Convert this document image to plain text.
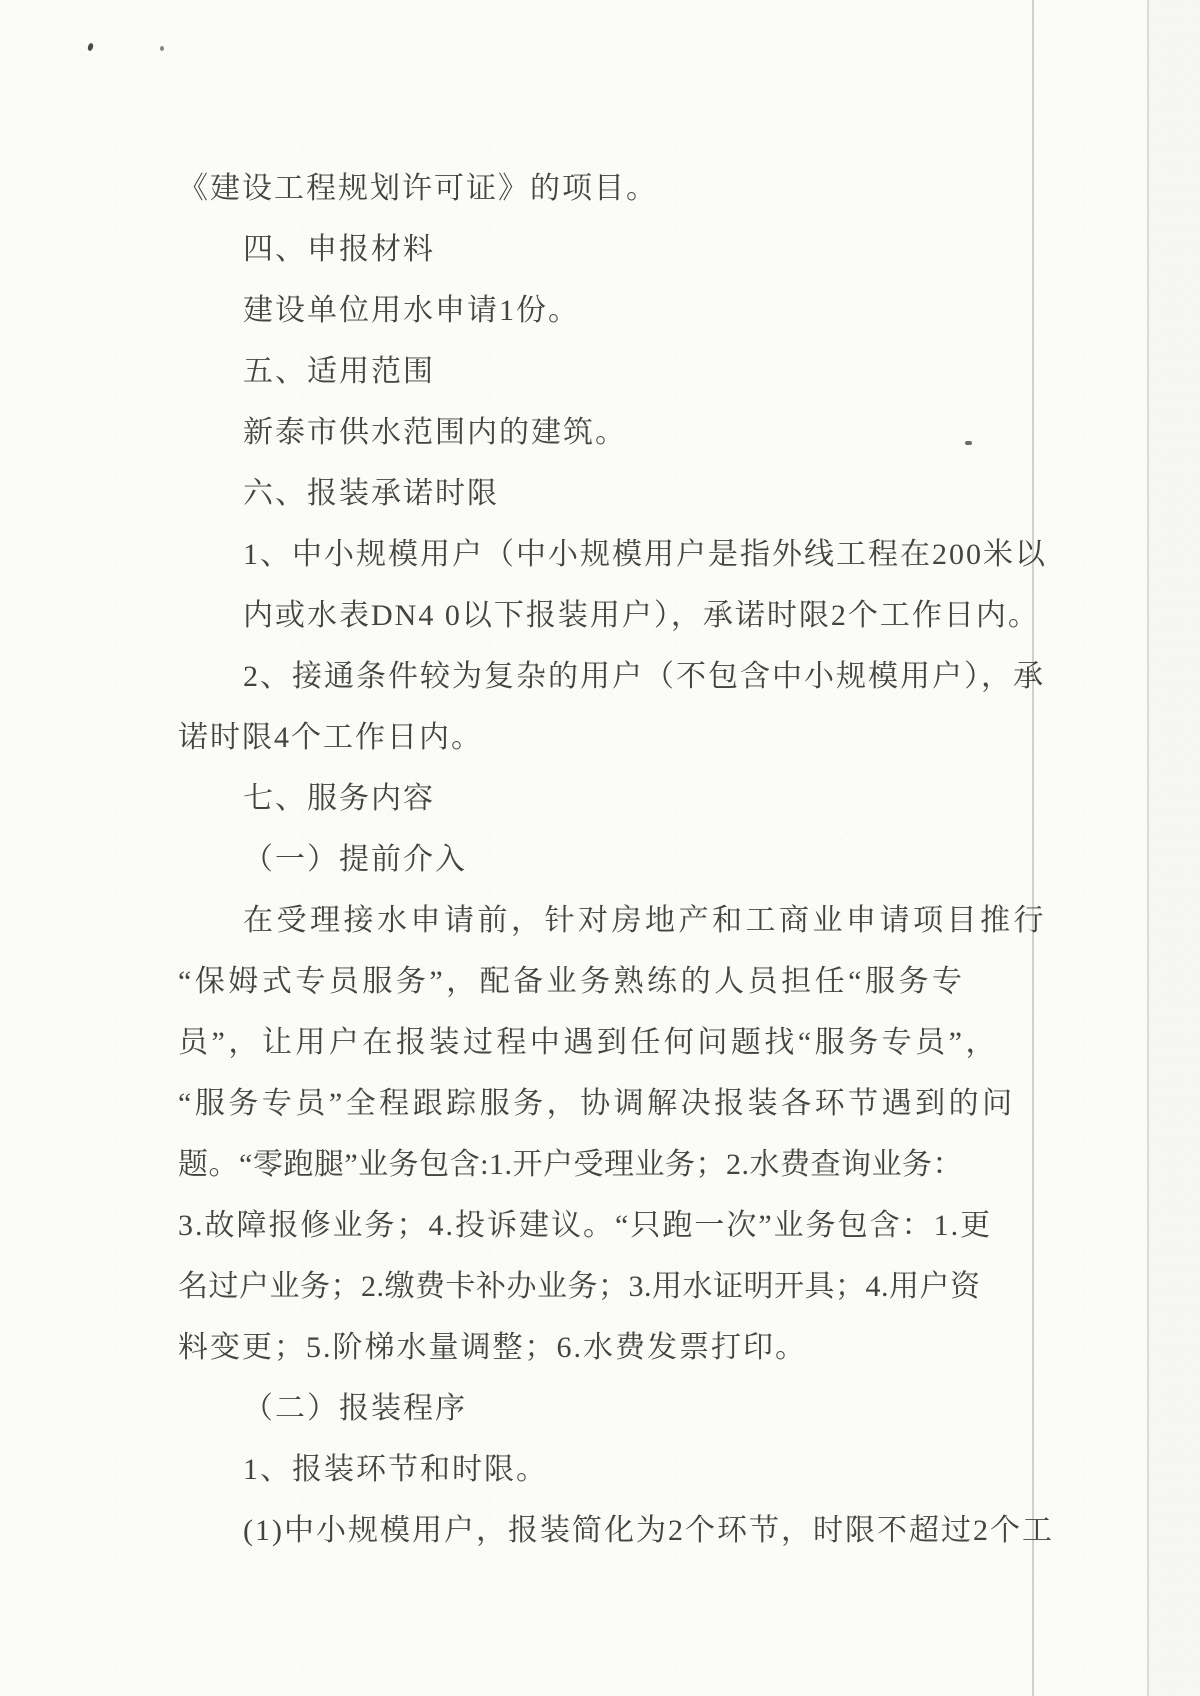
《建设工程规划许可证》的项目。
四、申报材料
建设单位用水申请1份。
五、适用范围
新泰市供水范围内的建筑。
六、报装承诺时限
1、中小规模用户（中小规模用户是指外线工程在200米以
内或水表DN4 0以下报装用户），承诺时限2个工作日内。
2、接通条件较为复杂的用户（不包含中小规模用户），承
诺时限4个工作日内。
七、服务内容
（一）提前介入
在受理接水申请前，针对房地产和工商业申请项目推行
“保姆式专员服务”，配备业务熟练的人员担任“服务专
员”，让用户在报装过程中遇到任何问题找“服务专员”，
“服务专员”全程跟踪服务，协调解决报装各环节遇到的问
题。“零跑腿”业务包含:1.开户受理业务；2.水费查询业务：
3.故障报修业务；4.投诉建议。“只跑一次”业务包含：1.更
名过户业务；2.缴费卡补办业务；3.用水证明开具；4.用户资
料变更；5.阶梯水量调整；6.水费发票打印。
（二）报装程序
1、报装环节和时限。
(1)中小规模用户，报装简化为2个环节，时限不超过2个工
